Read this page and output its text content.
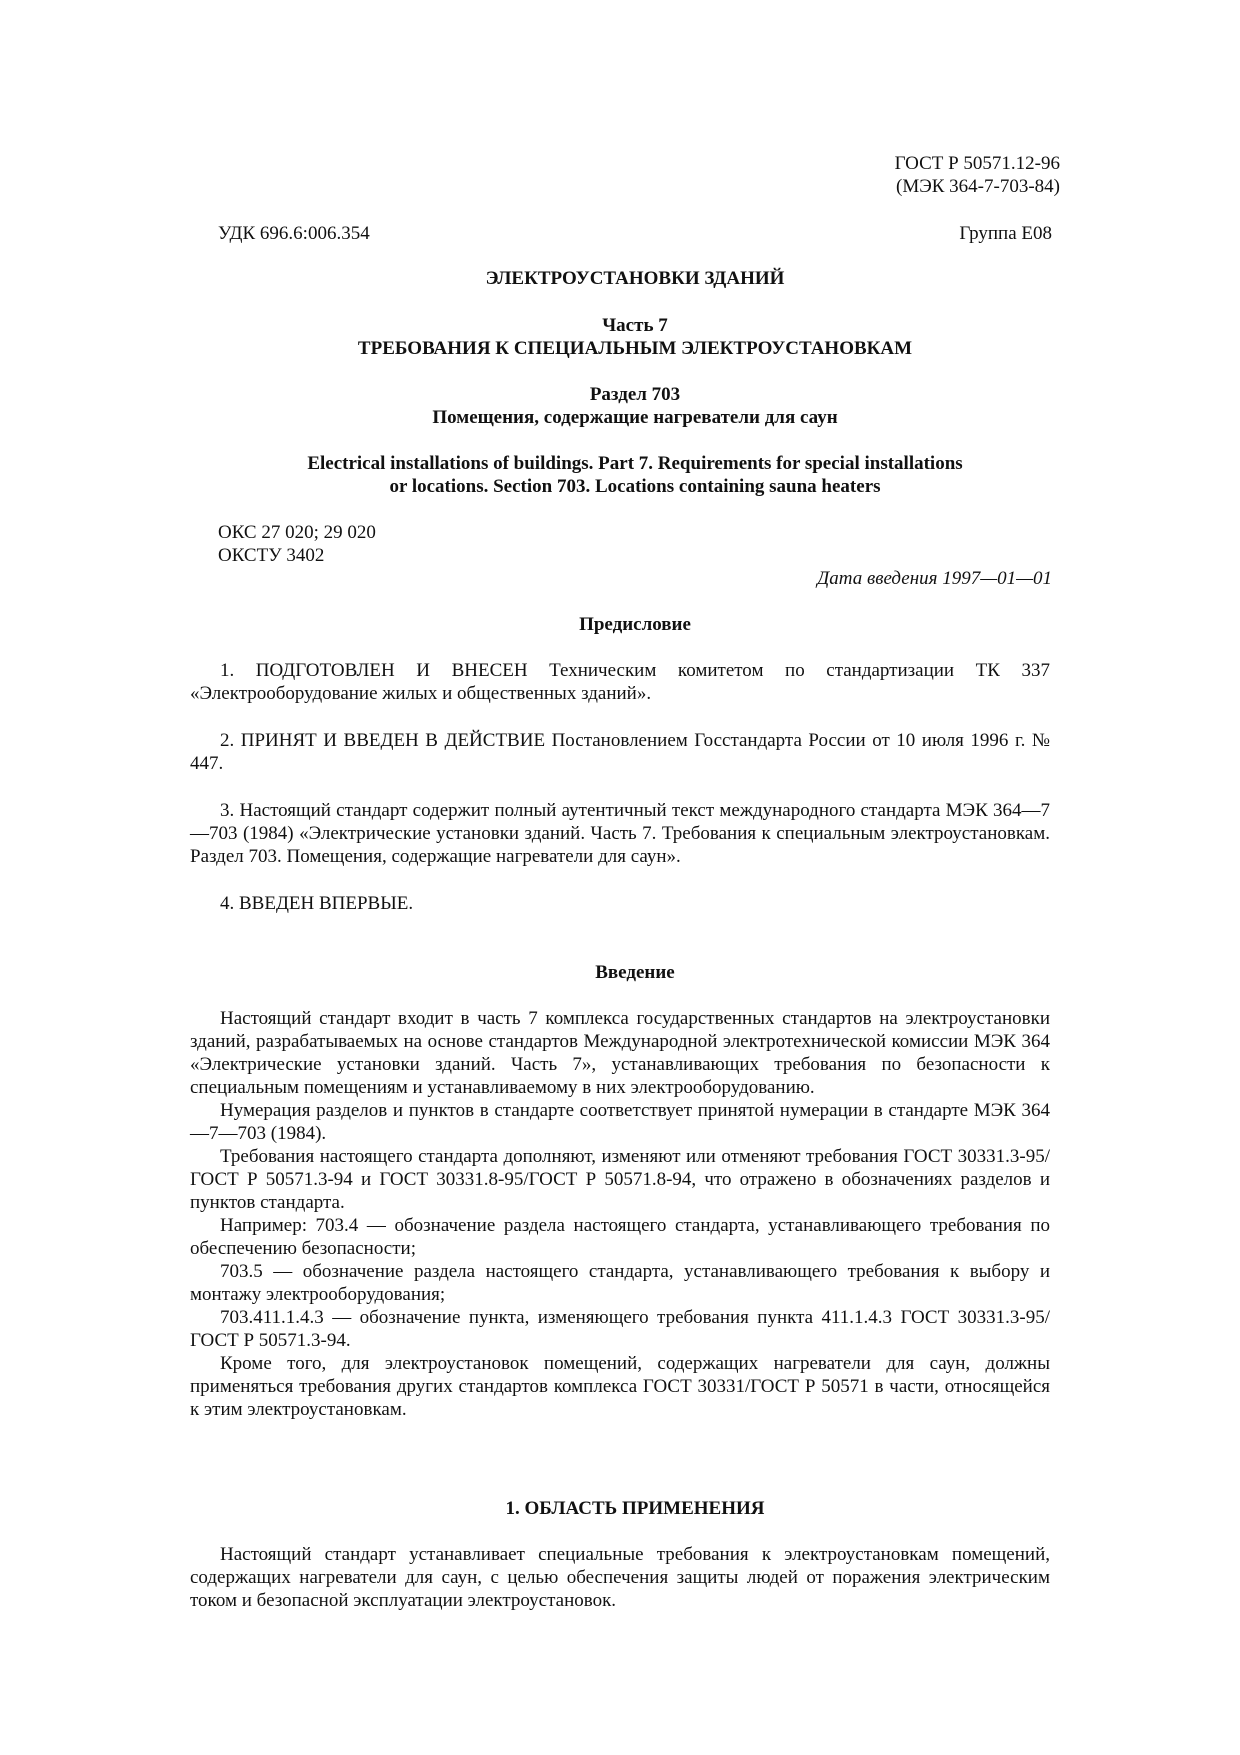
ГОСТ Р 50571.12-96
(МЭК 364-7-703-84)
УДК 696.6:006.354	Группа Е08
ЭЛЕКТРОУСТАНОВКИ ЗДАНИЙ
Часть 7
ТРЕБОВАНИЯ К СПЕЦИАЛЬНЫМ ЭЛЕКТРОУСТАНОВКАМ
Раздел 703
Помещения, содержащие нагреватели для саун
Electrical installations of buildings. Part 7. Requirements for special installations
or locations. Section 703. Locations containing sauna heaters
ОКС 27 020; 29 020
ОКСТУ 3402
Дата введения 1997—01—01
Предисловие

1. ПОДГОТОВЛЕН И ВНЕСЕН Техническим комитетом по стандартизации ТК 337 «Электрооборудование жилых и общественных зданий».

2. ПРИНЯТ И ВВЕДЕН В ДЕЙСТВИЕ Постановлением Госстандарта России от 10 июля 1996 г. № 447.

3. Настоящий стандарт содержит полный аутентичный текст международного стандарта МЭК 364—7—703 (1984) «Электрические установки зданий. Часть 7. Требования к специальным электроустановкам. Раздел 703. Помещения, содержащие нагреватели для саун».

4. ВВЕДЕН ВПЕРВЫЕ.

Введение

Настоящий стандарт входит в часть 7 комплекса государственных стандартов на электроустановки зданий, разрабатываемых на основе стандартов Международной электротехнической комиссии МЭК 364 «Электрические установки зданий. Часть 7», устанавливающих требования по безопасности к специальным помещениям и устанавливаемому в них электрооборудованию.

Нумерация разделов и пунктов в стандарте соответствует принятой нумерации в стандарте МЭК 364—7—703 (1984).

Требования настоящего стандарта дополняют, изменяют или отменяют требования ГОСТ 30331.3-95/ГОСТ Р 50571.3-94 и ГОСТ 30331.8-95/ГОСТ Р 50571.8-94, что отражено в обозначениях разделов и пунктов стандарта.

Например: 703.4 — обозначение раздела настоящего стандарта, устанавливающего требования по обеспечению безопасности;

703.5 — обозначение раздела настоящего стандарта, устанавливающего требования к выбору и монтажу электрооборудования;

703.411.1.4.3 — обозначение пункта, изменяющего требования пункта 411.1.4.3 ГОСТ 30331.3-95/ГОСТ Р 50571.3-94.

Кроме того, для электроустановок помещений, содержащих нагреватели для саун, должны применяться требования других стандартов комплекса ГОСТ 30331/ГОСТ Р 50571 в части, относящейся к этим электроустановкам.

1. ОБЛАСТЬ ПРИМЕНЕНИЯ

Настоящий стандарт устанавливает специальные требования к электроустановкам помещений, содержащих нагреватели для саун, с целью обеспечения защиты людей от поражения электрическим током и безопасной эксплуатации электроустановок.
